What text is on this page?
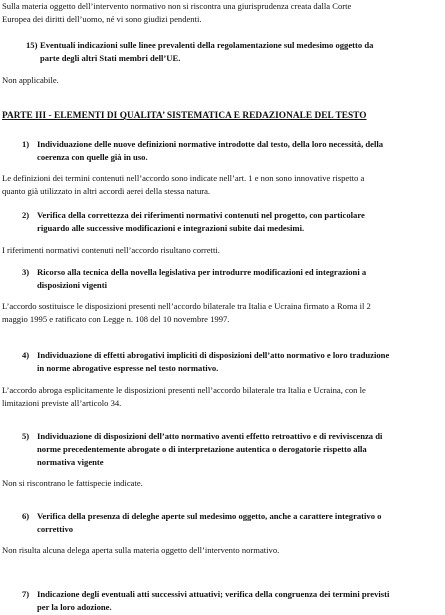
Sulla materia oggetto dell’intervento normativo non si riscontra una giurisprudenza creata dalla Corte
Europea dei diritti dell’uomo, né vi sono giudizi pendenti.
15) Eventuali indicazioni sulle linee prevalenti della regolamentazione sul medesimo oggetto da
parte degli altri Stati membri dell’UE.
Non applicabile.
PARTE III - ELEMENTI DI QUALITA’ SISTEMATICA E REDAZIONALE DEL TESTO
1) Individuazione delle nuove definizioni normative introdotte dal testo, della loro necessità, della
coerenza con quelle già in uso.
Le definizioni dei termini contenuti nell’accordo sono indicate nell’art. 1 e non sono innovative rispetto a
quanto già utilizzato in altri accordi aerei della stessa natura.
2) Verifica della correttezza dei riferimenti normativi contenuti nel progetto, con particolare
riguardo alle successive modificazioni e integrazioni subite dai medesimi.
I riferimenti normativi contenuti nell’accordo risultano corretti.
3) Ricorso alla tecnica della novella legislativa per introdurre modificazioni ed integrazioni a
disposizioni vigenti
L’accordo sostituisce le disposizioni presenti nell’accordo bilaterale tra Italia e Ucraina firmato a Roma il 2
maggio 1995 e ratificato con Legge n. 108 del 10 novembre 1997.
4) Individuazione di effetti abrogativi impliciti di disposizioni dell’atto normativo e loro traduzione
in norme abrogative espresse nel testo normativo.
L’accordo abroga esplicitamente le disposizioni presenti nell’accordo bilaterale tra Italia e Ucraina, con le
limitazioni previste all’articolo 34.
5) Individuazione di disposizioni dell’atto normativo aventi effetto retroattivo e di reviviscenza di
norme precedentemente abrogate o di interpretazione autentica o derogatorie rispetto alla
normativa vigente
Non si riscontrano le fattispecie indicate.
6) Verifica della presenza di deleghe aperte sul medesimo oggetto, anche a carattere integrativo o
correttivo
Non risulta alcuna delega aperta sulla materia oggetto dell’intervento normativo.
7) Indicazione degli eventuali atti successivi attuativi; verifica della congruenza dei termini previsti
per la loro adozione.
